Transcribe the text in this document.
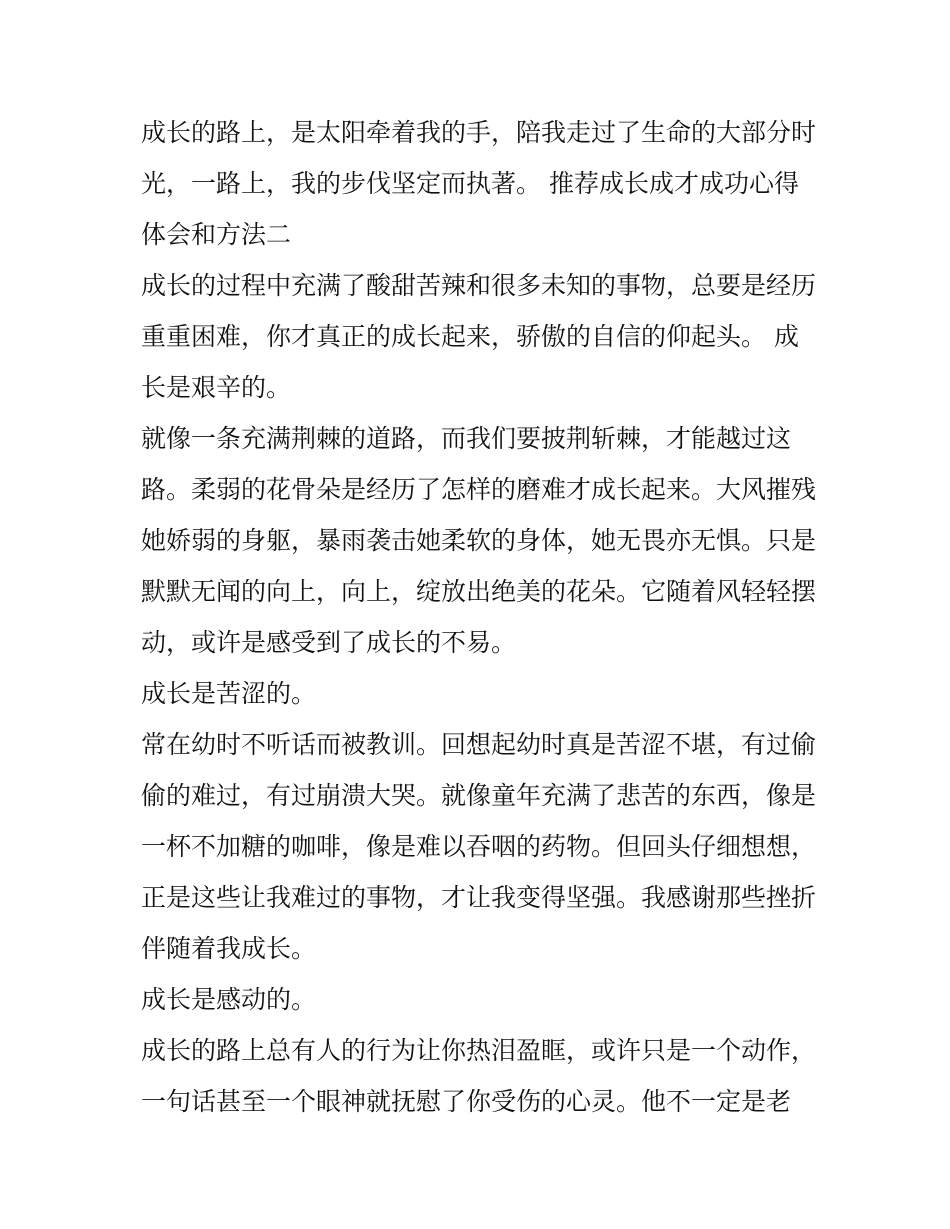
成长的路上，是太阳牵着我的手，陪我走过了生命的大部分时
光，一路上，我的步伐坚定而执著。 推荐成长成才成功心得
体会和方法二
成长的过程中充满了酸甜苦辣和很多未知的事物，总要是经历
重重困难，你才真正的成长起来，骄傲的自信的仰起头。 成
长是艰辛的。
就像一条充满荆棘的道路，而我们要披荆斩棘，才能越过这
路。柔弱的花骨朵是经历了怎样的磨难才成长起来。大风摧残
她娇弱的身躯，暴雨袭击她柔软的身体，她无畏亦无惧。只是
默默无闻的向上，向上，绽放出绝美的花朵。它随着风轻轻摆
动，或许是感受到了成长的不易。
成长是苦涩的。
常在幼时不听话而被教训。回想起幼时真是苦涩不堪，有过偷
偷的难过，有过崩溃大哭。就像童年充满了悲苦的东西，像是
一杯不加糖的咖啡，像是难以吞咽的药物。但回头仔细想想，
正是这些让我难过的事物，才让我变得坚强。我感谢那些挫折
伴随着我成长。
成长是感动的。
成长的路上总有人的行为让你热泪盈眶，或许只是一个动作，
一句话甚至一个眼神就抚慰了你受伤的心灵。他不一定是老
